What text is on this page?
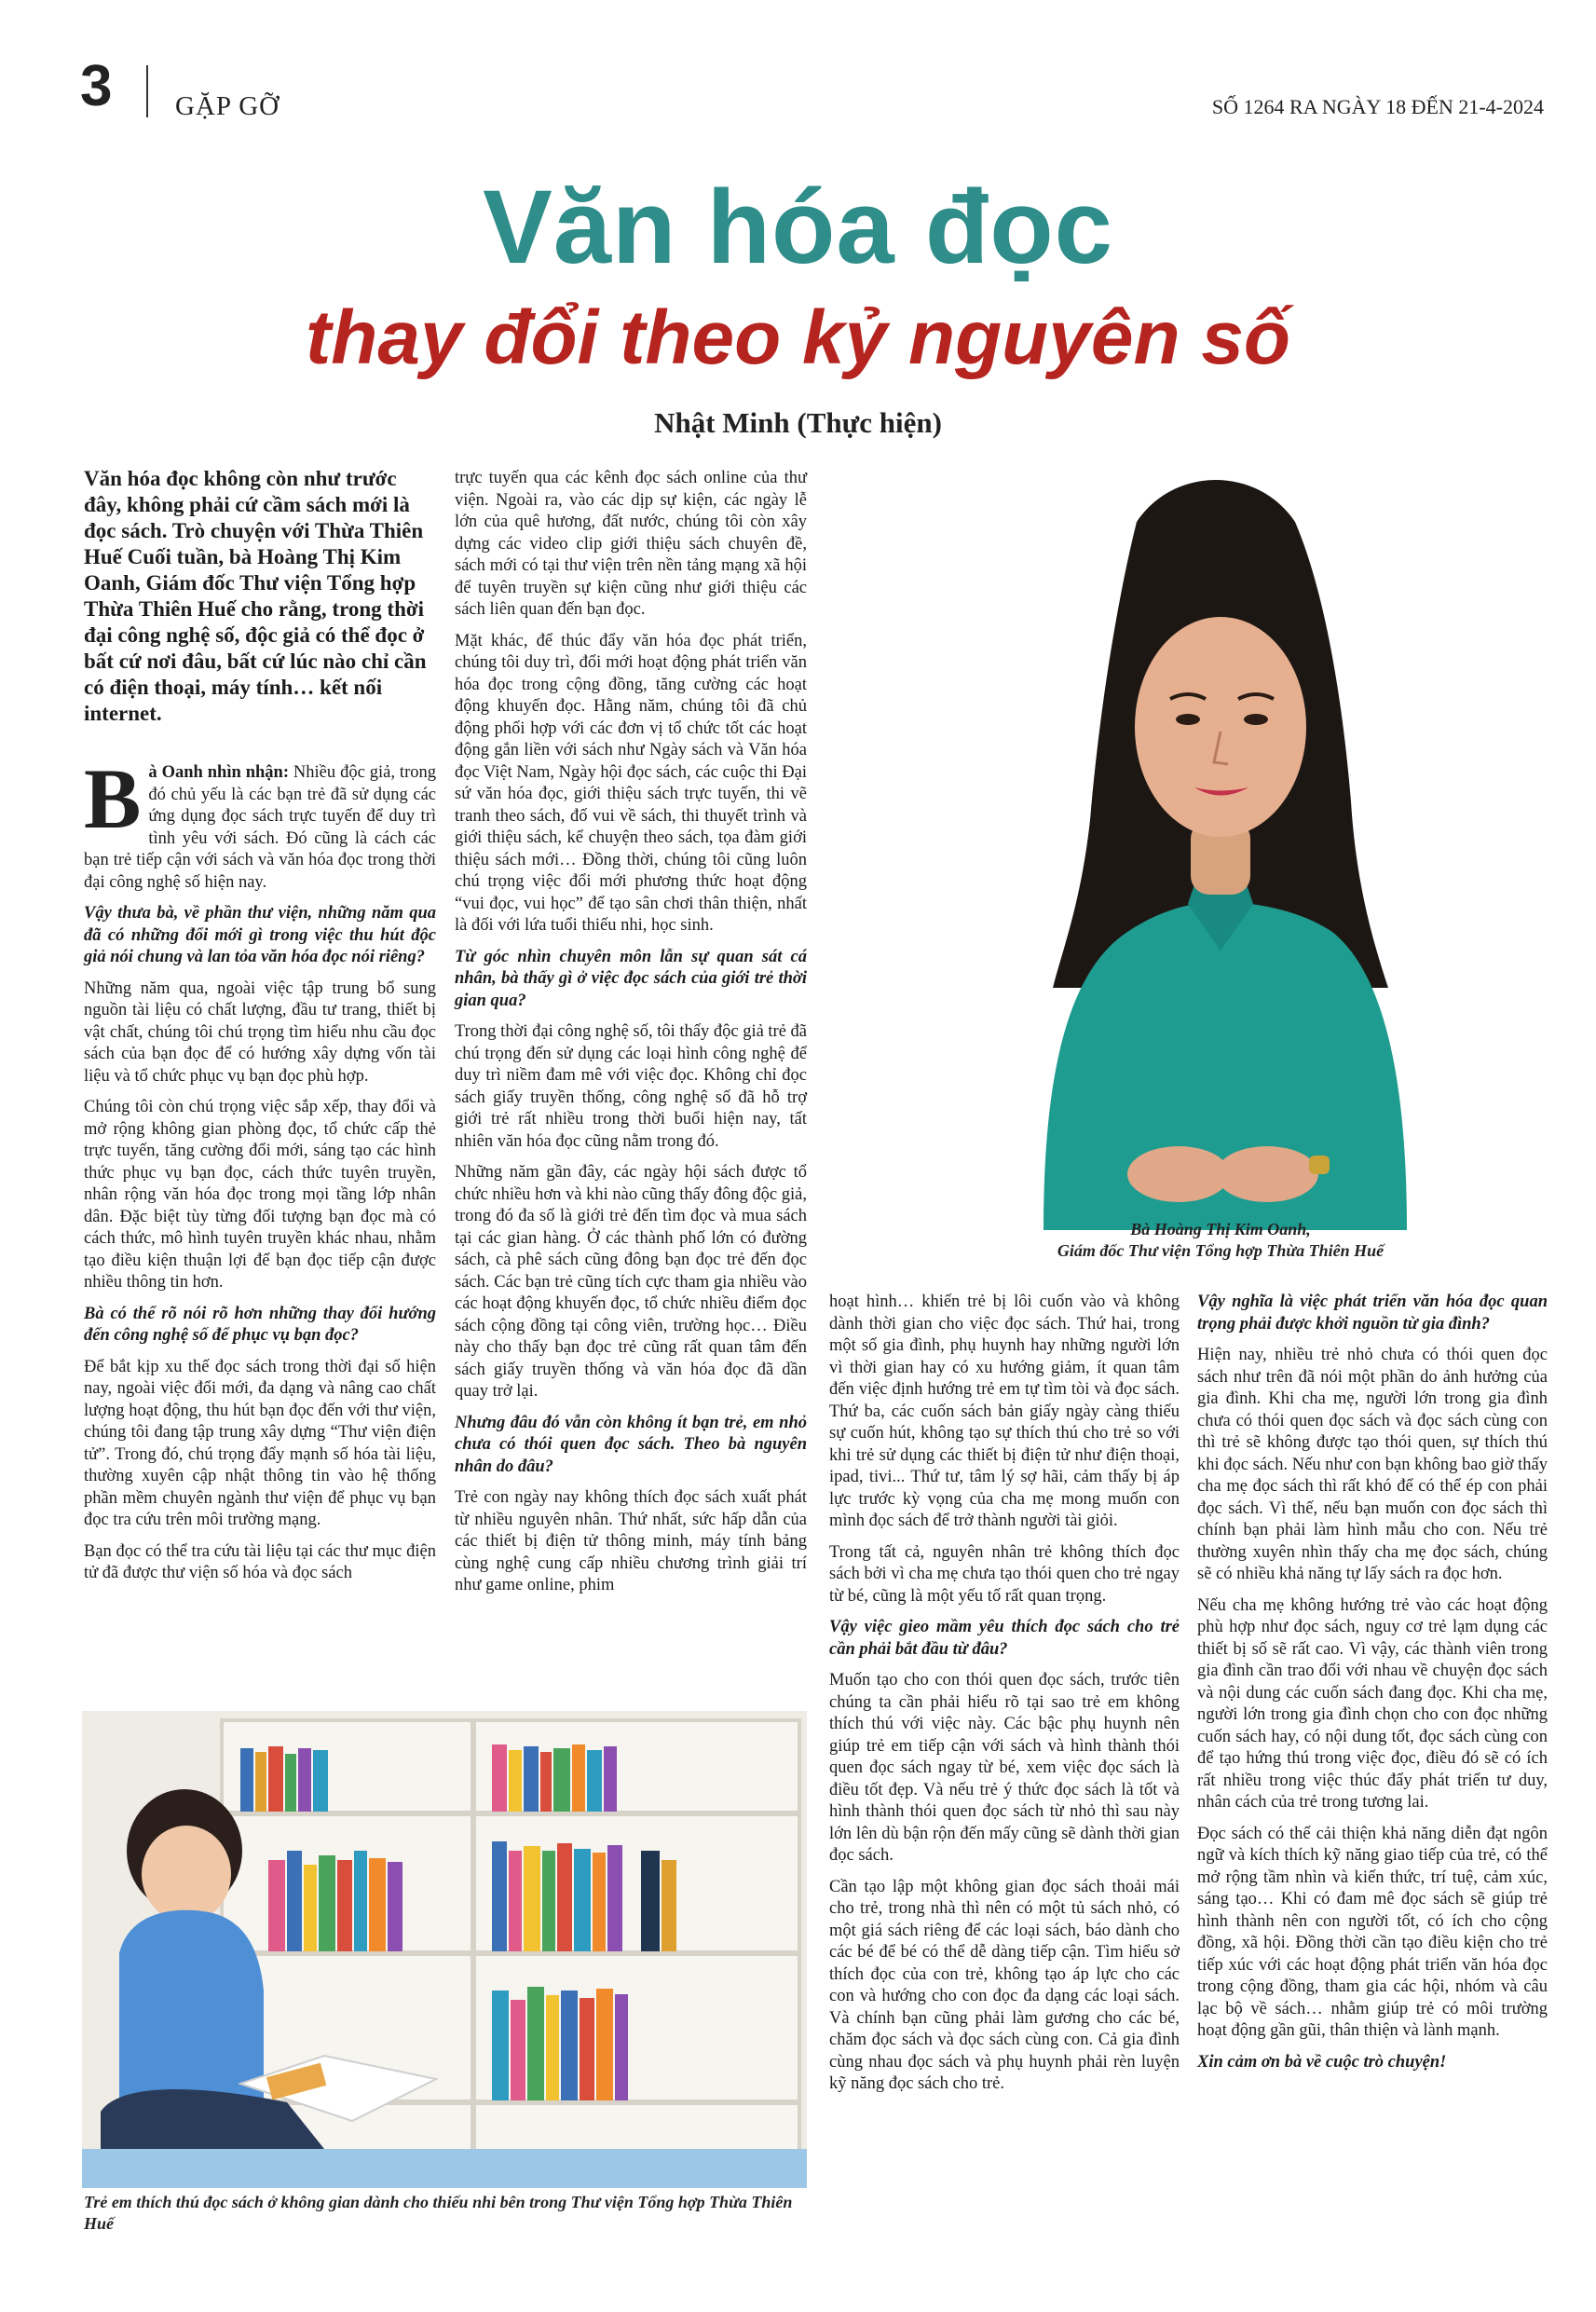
3 GẶP GỠ	SỐ 1264 RA NGÀY 18 ĐẾN 21-4-2024
Văn hóa đọc
thay đổi theo kỷ nguyên số
Nhật Minh (Thực hiện)

Văn hóa đọc không còn như trước đây, không phải cứ cầm sách mới là đọc sách. Trò chuyện với Thừa Thiên Huế Cuối tuần, bà Hoàng Thị Kim Oanh, Giám đốc Thư viện Tổng hợp Thừa Thiên Huế cho rằng, trong thời đại công nghệ số, độc giả có thể đọc ở bất cứ nơi đâu, bất cứ lúc nào chỉ cần có điện thoại, máy tính… kết nối internet.

Bà Oanh nhìn nhận: Nhiều độc giả, trong đó chủ yếu là các bạn trẻ đã sử dụng các ứng dụng đọc sách trực tuyến để duy trì tình yêu với sách. Đó cũng là cách các bạn trẻ tiếp cận với sách và văn hóa đọc trong thời đại công nghệ số hiện nay.

Vậy thưa bà, về phần thư viện, những năm qua đã có những đổi mới gì trong việc thu hút độc giả nói chung và lan tỏa văn hóa đọc nói riêng?

Những năm qua, ngoài việc tập trung bổ sung nguồn tài liệu có chất lượng, đầu tư trang, thiết bị vật chất, chúng tôi chú trọng tìm hiểu nhu cầu đọc sách của bạn đọc để có hướng xây dựng vốn tài liệu và tổ chức phục vụ bạn đọc phù hợp.

Chúng tôi còn chú trọng việc sắp xếp, thay đổi và mở rộng không gian phòng đọc, tổ chức cấp thẻ trực tuyến, tăng cường đổi mới, sáng tạo các hình thức phục vụ bạn đọc, cách thức tuyên truyền, nhân rộng văn hóa đọc trong mọi tầng lớp nhân dân. Đặc biệt tùy từng đối tượng bạn đọc mà có cách thức, mô hình tuyên truyền khác nhau, nhằm tạo điều kiện thuận lợi để bạn đọc tiếp cận được nhiều thông tin hơn.

Bà có thể rõ nói rõ hơn những thay đổi hướng đến công nghệ số để phục vụ bạn đọc?

Để bắt kịp xu thế đọc sách trong thời đại số hiện nay, ngoài việc đổi mới, đa dạng và nâng cao chất lượng hoạt động, thu hút bạn đọc đến với thư viện, chúng tôi đang tập trung xây dựng “Thư viện điện tử”. Trong đó, chú trọng đẩy mạnh số hóa tài liệu, thường xuyên cập nhật thông tin vào hệ thống phần mềm chuyên ngành thư viện để phục vụ bạn đọc tra cứu trên môi trường mạng.

Bạn đọc có thể tra cứu tài liệu tại các thư mục điện tử đã được thư viện số hóa và đọc sách

trực tuyến qua các kênh đọc sách online của thư viện. Ngoài ra, vào các dịp sự kiện, các ngày lễ lớn của quê hương, đất nước, chúng tôi còn xây dựng các video clip giới thiệu sách chuyên đề, sách mới có tại thư viện trên nền tảng mạng xã hội để tuyên truyền sự kiện cũng như giới thiệu các sách liên quan đến bạn đọc.

Mặt khác, để thúc đẩy văn hóa đọc phát triển, chúng tôi duy trì, đổi mới hoạt động phát triển văn hóa đọc trong cộng đồng, tăng cường các hoạt động khuyến đọc. Hằng năm, chúng tôi đã chủ động phối hợp với các đơn vị tổ chức tốt các hoạt động gắn liền với sách như Ngày sách và Văn hóa đọc Việt Nam, Ngày hội đọc sách, các cuộc thi Đại sứ văn hóa đọc, giới thiệu sách trực tuyến, thi vẽ tranh theo sách, đố vui về sách, thi thuyết trình và giới thiệu sách, kể chuyện theo sách, tọa đàm giới thiệu sách mới… Đồng thời, chúng tôi cũng luôn chú trọng việc đổi mới phương thức hoạt động “vui đọc, vui học” để tạo sân chơi thân thiện, nhất là đối với lứa tuổi thiếu nhi, học sinh.

Từ góc nhìn chuyên môn lẫn sự quan sát cá nhân, bà thấy gì ở việc đọc sách của giới trẻ thời gian qua?

Trong thời đại công nghệ số, tôi thấy độc giả trẻ đã chú trọng đến sử dụng các loại hình công nghệ để duy trì niềm đam mê với việc đọc. Không chỉ đọc sách giấy truyền thống, công nghệ số đã hỗ trợ giới trẻ rất nhiều trong thời buổi hiện nay, tất nhiên văn hóa đọc cũng nằm trong đó.

Những năm gần đây, các ngày hội sách được tổ chức nhiều hơn và khi nào cũng thấy đông độc giả, trong đó đa số là giới trẻ đến tìm đọc và mua sách tại các gian hàng. Ở các thành phố lớn có đường sách, cà phê sách cũng đông bạn đọc trẻ đến đọc sách. Các bạn trẻ cũng tích cực tham gia nhiều vào các hoạt động khuyến đọc, tổ chức nhiều điểm đọc sách cộng đồng tại công viên, trường học… Điều này cho thấy bạn đọc trẻ cũng rất quan tâm đến sách giấy truyền thống và văn hóa đọc đã dần quay trở lại.

Nhưng đâu đó vẫn còn không ít bạn trẻ, em nhỏ chưa có thói quen đọc sách. Theo bà nguyên nhân do đâu?

Trẻ con ngày nay không thích đọc sách xuất phát từ nhiều nguyên nhân. Thứ nhất, sức hấp dẫn của các thiết bị điện tử thông minh, máy tính bảng cùng nghệ cung cấp nhiều chương trình giải trí như game online, phim

Bà Hoàng Thị Kim Oanh,
Giám đốc Thư viện Tổng hợp Thừa Thiên Huế

hoạt hình… khiến trẻ bị lôi cuốn vào và không dành thời gian cho việc đọc sách. Thứ hai, trong một số gia đình, phụ huynh hay những người lớn vì thời gian hay có xu hướng giảm, ít quan tâm đến việc định hướng trẻ em tự tìm tòi và đọc sách. Thứ ba, các cuốn sách bản giấy ngày càng thiếu sự cuốn hút, không tạo sự thích thú cho trẻ so với khi trẻ sử dụng các thiết bị điện tử như điện thoại, ipad, tivi... Thứ tư, tâm lý sợ hãi, cảm thấy bị áp lực trước kỳ vọng của cha mẹ mong muốn con mình đọc sách để trở thành người tài giỏi.

Trong tất cả, nguyên nhân trẻ không thích đọc sách bởi vì cha mẹ chưa tạo thói quen cho trẻ ngay từ bé, cũng là một yếu tố rất quan trọng.

Vậy việc gieo mầm yêu thích đọc sách cho trẻ cần phải bắt đầu từ đâu?

Muốn tạo cho con thói quen đọc sách, trước tiên chúng ta cần phải hiểu rõ tại sao trẻ em không thích thú với việc này. Các bậc phụ huynh nên giúp trẻ em tiếp cận với sách và hình thành thói quen đọc sách ngay từ bé, xem việc đọc sách là điều tốt đẹp. Và nếu trẻ ý thức đọc sách là tốt và hình thành thói quen đọc sách từ nhỏ thì sau này lớn lên dù bận rộn đến mấy cũng sẽ dành thời gian đọc sách.

Cần tạo lập một không gian đọc sách thoải mái cho trẻ, trong nhà thì nên có một tủ sách nhỏ, có một giá sách riêng để các loại sách, báo dành cho các bé để bé có thể dễ dàng tiếp cận. Tìm hiểu sở thích đọc của con trẻ, không tạo áp lực cho các con và hướng cho con đọc đa dạng các loại sách. Và chính bạn cũng phải làm gương cho các bé, chăm đọc sách và đọc sách cùng con. Cả gia đình cùng nhau đọc sách và phụ huynh phải rèn luyện kỹ năng đọc sách cho trẻ.

Vậy nghĩa là việc phát triển văn hóa đọc quan trọng phải được khởi nguồn từ gia đình?

Hiện nay, nhiều trẻ nhỏ chưa có thói quen đọc sách như trên đã nói một phần do ảnh hưởng của gia đình. Khi cha mẹ, người lớn trong gia đình chưa có thói quen đọc sách và đọc sách cùng con thì trẻ sẽ không được tạo thói quen, sự thích thú khi đọc sách. Nếu như con bạn không bao giờ thấy cha mẹ đọc sách thì rất khó để có thể ép con phải đọc sách. Vì thế, nếu bạn muốn con đọc sách thì chính bạn phải làm hình mẫu cho con. Nếu trẻ thường xuyên nhìn thấy cha mẹ đọc sách, chúng sẽ có nhiều khả năng tự lấy sách ra đọc hơn.

Nếu cha mẹ không hướng trẻ vào các hoạt động phù hợp như đọc sách, nguy cơ trẻ lạm dụng các thiết bị số sẽ rất cao. Vì vậy, các thành viên trong gia đình cần trao đổi với nhau về chuyện đọc sách và nội dung các cuốn sách đang đọc. Khi cha mẹ, người lớn trong gia đình chọn cho con đọc những cuốn sách hay, có nội dung tốt, đọc sách cùng con để tạo hứng thú trong việc đọc, điều đó sẽ có ích rất nhiều trong việc thúc đẩy phát triển tư duy, nhân cách của trẻ trong tương lai.

Đọc sách có thể cải thiện khả năng diễn đạt ngôn ngữ và kích thích kỹ năng giao tiếp của trẻ, có thể mở rộng tầm nhìn và kiến thức, trí tuệ, cảm xúc, sáng tạo… Khi có đam mê đọc sách sẽ giúp trẻ hình thành nên con người tốt, có ích cho cộng đồng, xã hội. Đồng thời cần tạo điều kiện cho trẻ tiếp xúc với các hoạt động phát triển văn hóa đọc trong cộng đồng, tham gia các hội, nhóm và câu lạc bộ về sách… nhằm giúp trẻ có môi trường hoạt động gần gũi, thân thiện và lành mạnh.

Xin cảm ơn bà về cuộc trò chuyện!

Trẻ em thích thú đọc sách ở không gian dành cho thiếu nhi bên trong Thư viện Tổng hợp Thừa Thiên Huế
